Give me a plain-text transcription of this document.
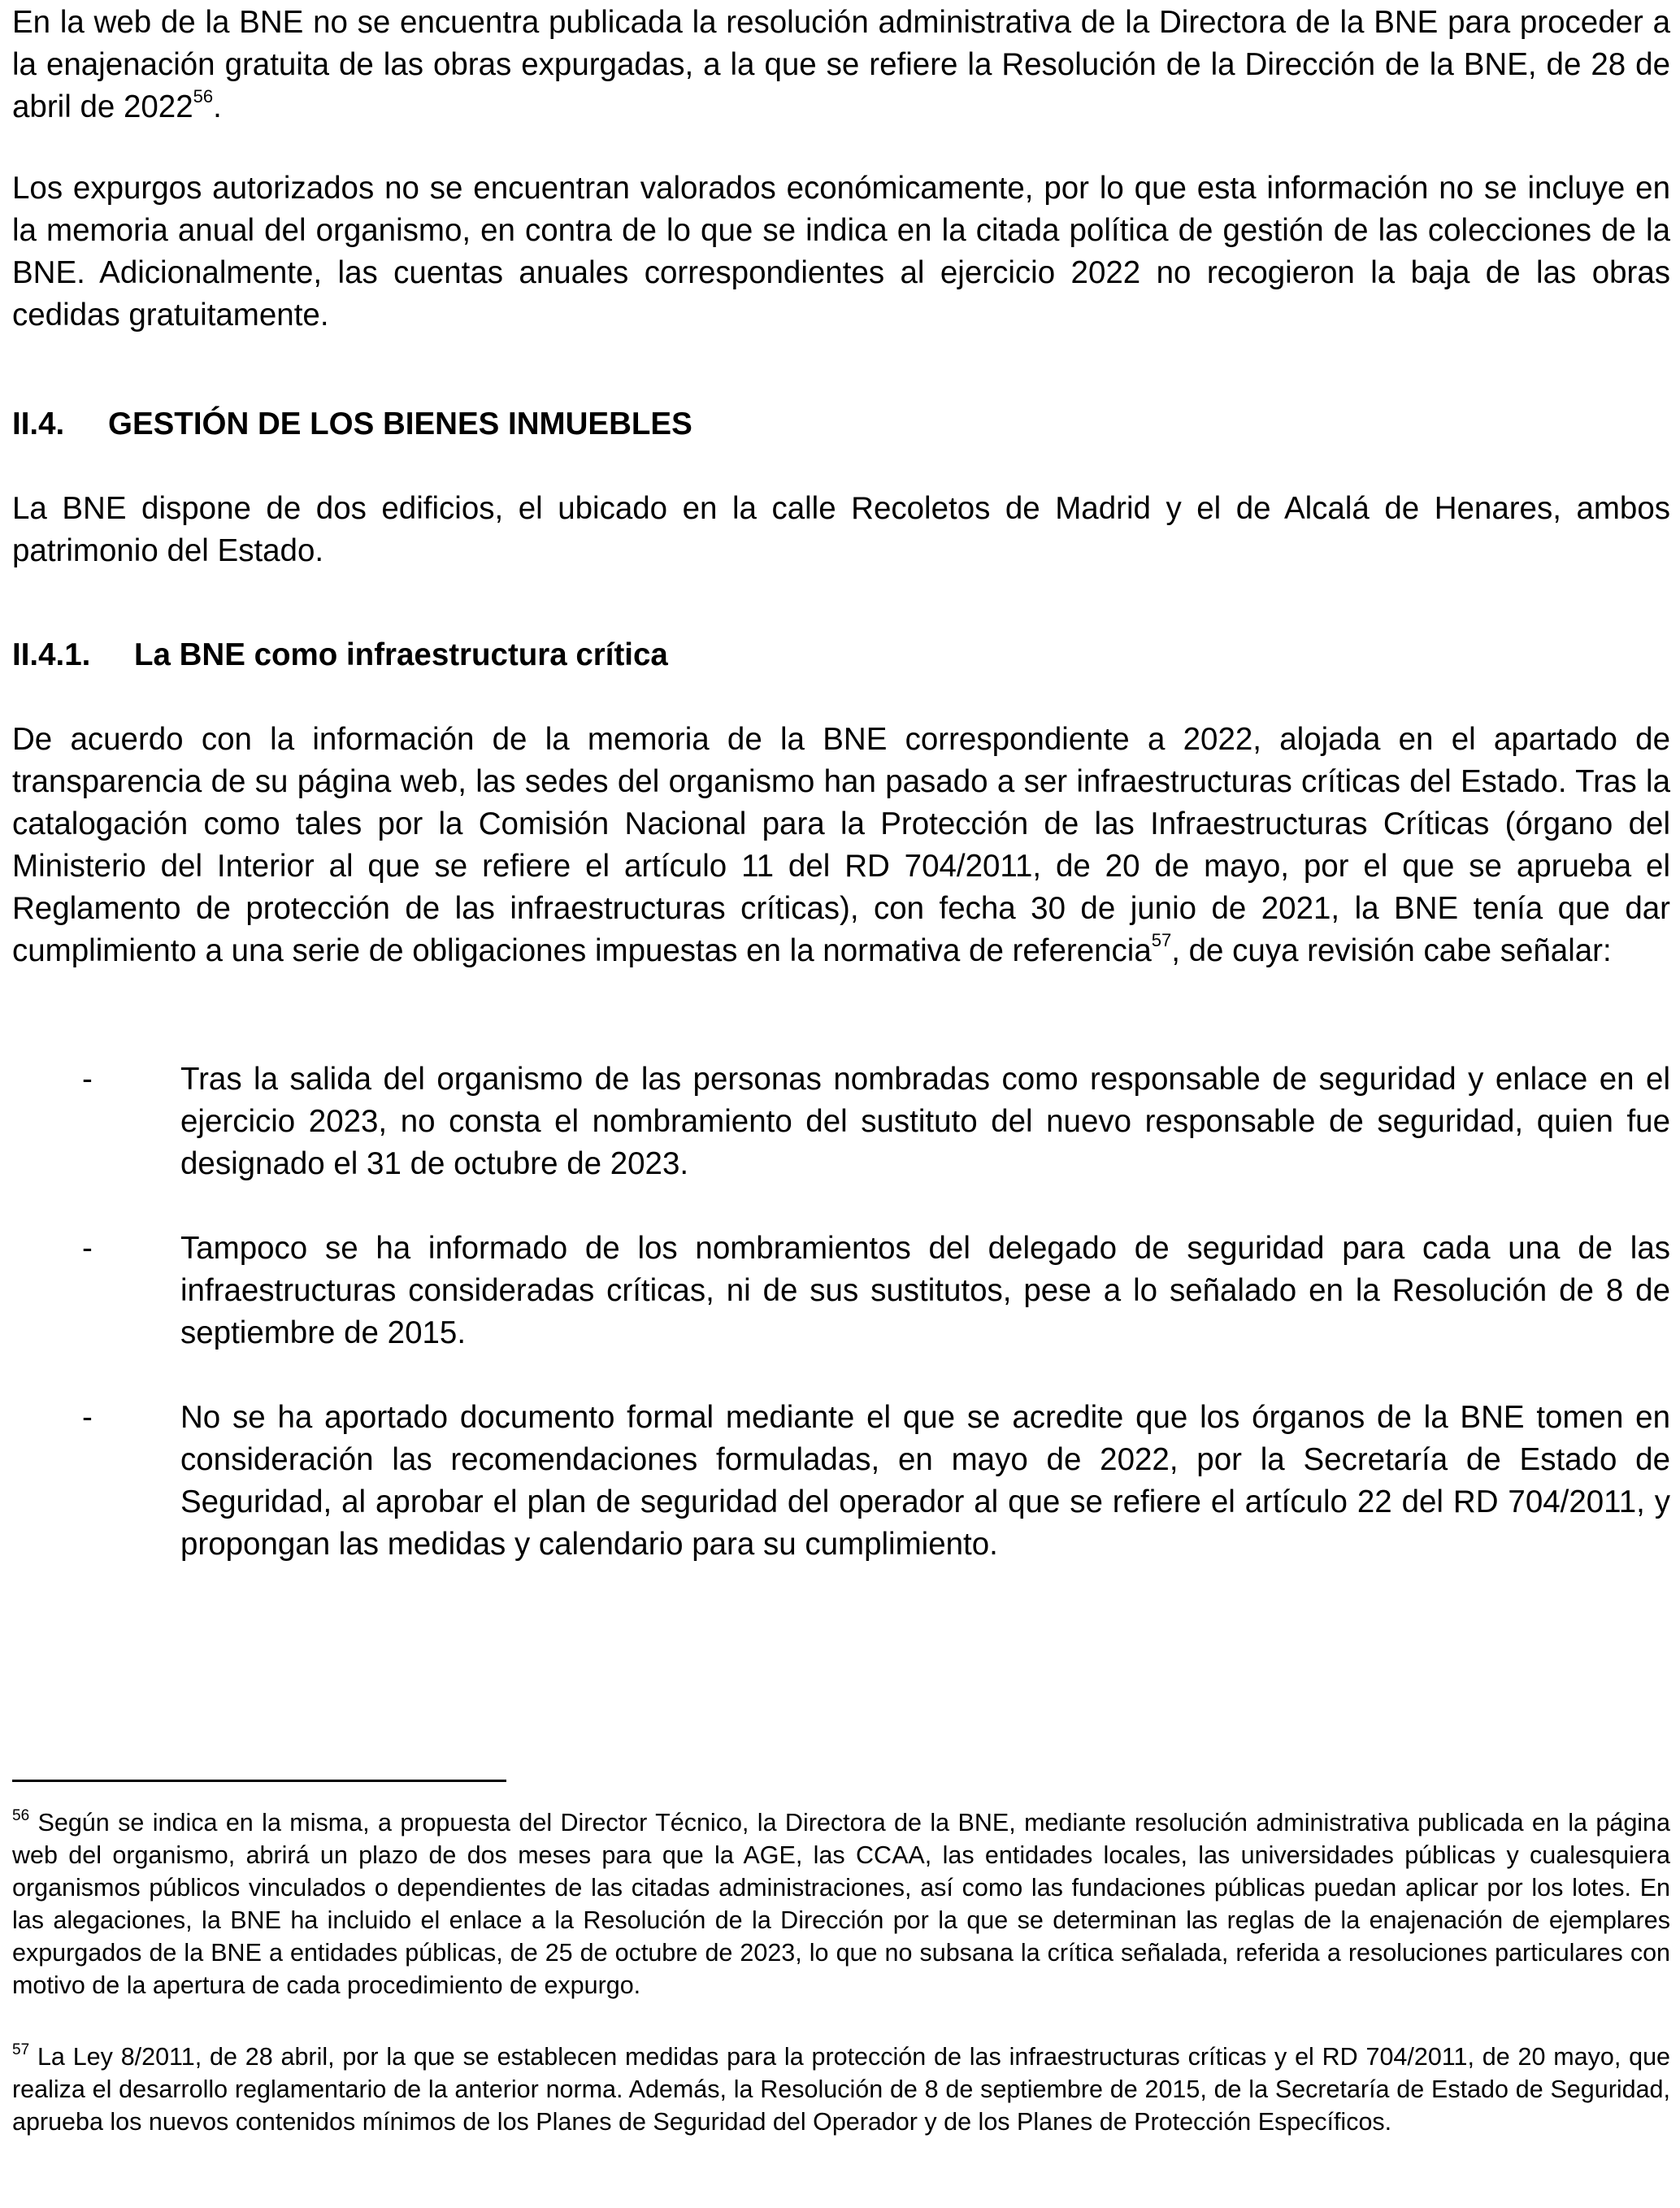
En la web de la BNE no se encuentra publicada la resolución administrativa de la Directora de la BNE para proceder a la enajenación gratuita de las obras expurgadas, a la que se refiere la Resolución de la Dirección de la BNE, de 28 de abril de 2022$^{56}$.

Los expurgos autorizados no se encuentran valorados económicamente, por lo que esta información no se incluye en la memoria anual del organismo, en contra de lo que se indica en la citada política de gestión de las colecciones de la BNE. Adicionalmente, las cuentas anuales correspondientes al ejercicio 2022 no recogieron la baja de las obras cedidas gratuitamente.

II.4. GESTIÓN DE LOS BIENES INMUEBLES

La BNE dispone de dos edificios, el ubicado en la calle Recoletos de Madrid y el de Alcalá de Henares, ambos patrimonio del Estado.

II.4.1. La BNE como infraestructura crítica

De acuerdo con la información de la memoria de la BNE correspondiente a 2022, alojada en el apartado de transparencia de su página web, las sedes del organismo han pasado a ser infraestructuras críticas del Estado. Tras la catalogación como tales por la Comisión Nacional para la Protección de las Infraestructuras Críticas (órgano del Ministerio del Interior al que se refiere el artículo 11 del RD 704/2011, de 20 de mayo, por el que se aprueba el Reglamento de protección de las infraestructuras críticas), con fecha 30 de junio de 2021, la BNE tenía que dar cumplimiento a una serie de obligaciones impuestas en la normativa de referencia$^{57}$, de cuya revisión cabe señalar:

-	Tras la salida del organismo de las personas nombradas como responsable de seguridad y enlace en el ejercicio 2023, no consta el nombramiento del sustituto del nuevo responsable de seguridad, quien fue designado el 31 de octubre de 2023.

-	Tampoco se ha informado de los nombramientos del delegado de seguridad para cada una de las infraestructuras consideradas críticas, ni de sus sustitutos, pese a lo señalado en la Resolución de 8 de septiembre de 2015.

-	No se ha aportado documento formal mediante el que se acredite que los órganos de la BNE tomen en consideración las recomendaciones formuladas, en mayo de 2022, por la Secretaría de Estado de Seguridad, al aprobar el plan de seguridad del operador al que se refiere el artículo 22 del RD 704/2011, y propongan las medidas y calendario para su cumplimiento.

$^{56}$ Según se indica en la misma, a propuesta del Director Técnico, la Directora de la BNE, mediante resolución administrativa publicada en la página web del organismo, abrirá un plazo de dos meses para que la AGE, las CCAA, las entidades locales, las universidades públicas y cualesquiera organismos públicos vinculados o dependientes de las citadas administraciones, así como las fundaciones públicas puedan aplicar por los lotes. En las alegaciones, la BNE ha incluido el enlace a la Resolución de la Dirección por la que se determinan las reglas de la enajenación de ejemplares expurgados de la BNE a entidades públicas, de 25 de octubre de 2023, lo que no subsana la crítica señalada, referida a resoluciones particulares con motivo de la apertura de cada procedimiento de expurgo.

$^{57}$ La Ley 8/2011, de 28 abril, por la que se establecen medidas para la protección de las infraestructuras críticas y el RD 704/2011, de 20 mayo, que realiza el desarrollo reglamentario de la anterior norma. Además, la Resolución de 8 de septiembre de 2015, de la Secretaría de Estado de Seguridad, aprueba los nuevos contenidos mínimos de los Planes de Seguridad del Operador y de los Planes de Protección Específicos.
